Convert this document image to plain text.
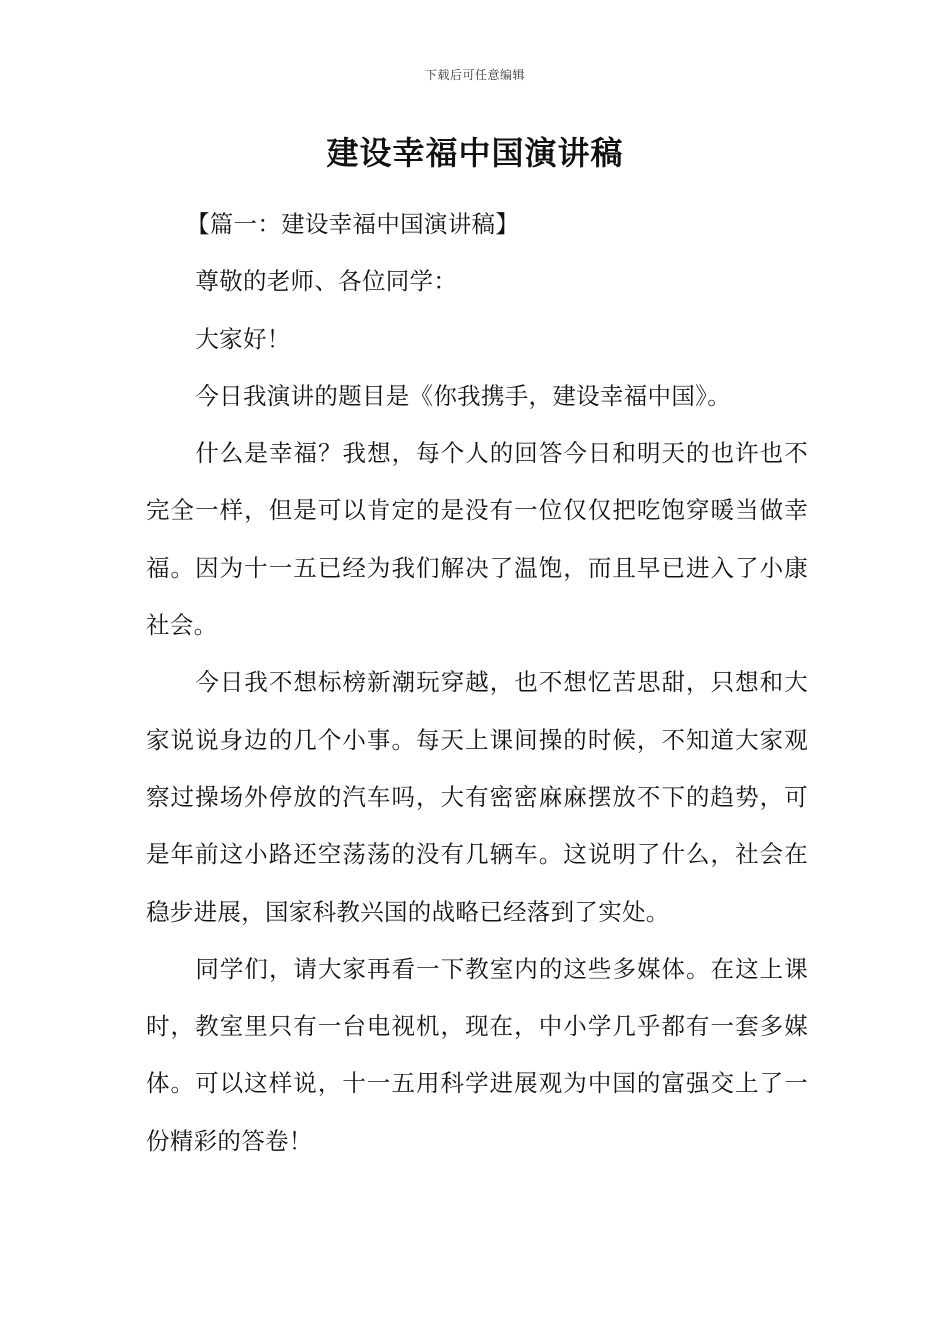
下载后可任意编辑
建设幸福中国演讲稿

【篇一：建设幸福中国演讲稿】

尊敬的老师、各位同学：

大家好！

今日我演讲的题目是《你我携手，建设幸福中国》。

什么是幸福？我想，每个人的回答今日和明天的也许也不完全一样，但是可以肯定的是没有一位仅仅把吃饱穿暖当做幸福。因为十一五已经为我们解决了温饱，而且早已进入了小康社会。

今日我不想标榜新潮玩穿越，也不想忆苦思甜，只想和大家说说身边的几个小事。每天上课间操的时候，不知道大家观察过操场外停放的汽车吗，大有密密麻麻摆放不下的趋势，可是年前这小路还空荡荡的没有几辆车。这说明了什么，社会在稳步进展，国家科教兴国的战略已经落到了实处。

同学们，请大家再看一下教室内的这些多媒体。在这上课时，教室里只有一台电视机，现在，中小学几乎都有一套多媒体。可以这样说，十一五用科学进展观为中国的富强交上了一份精彩的答卷！
